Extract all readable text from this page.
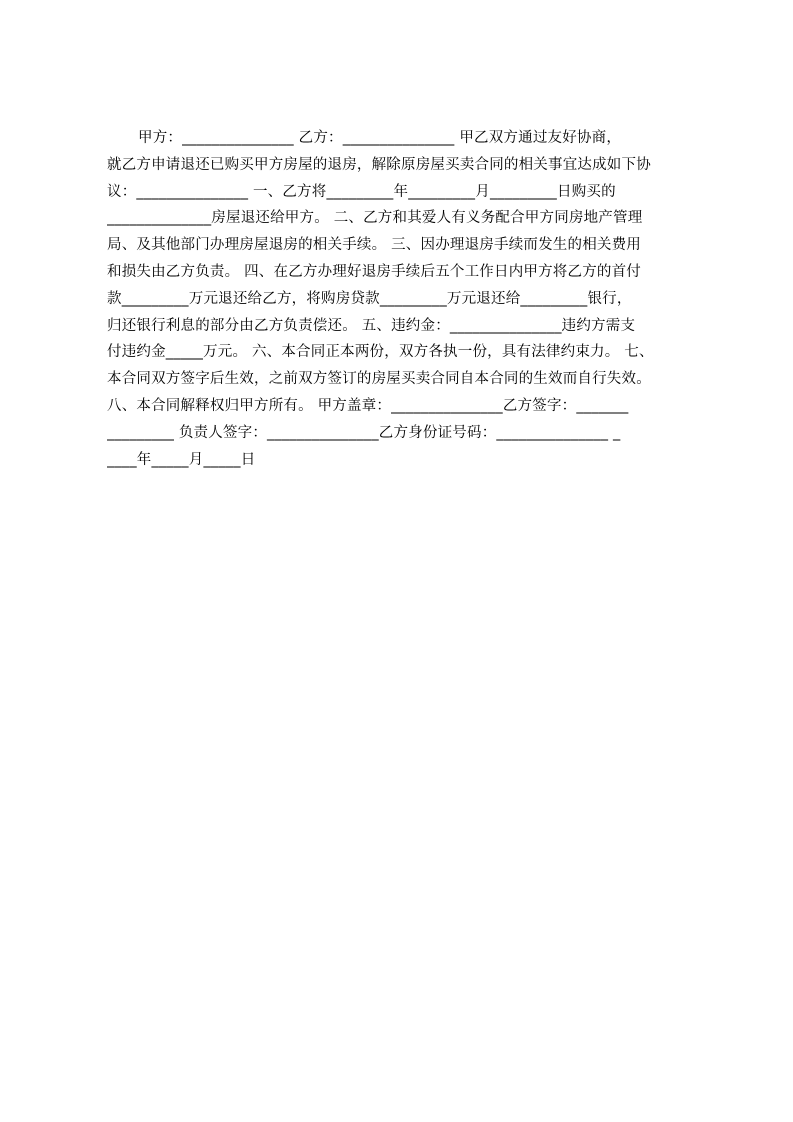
甲方：_______________ 乙方：_______________ 甲乙双方通过友好协商，
就乙方申请退还已购买甲方房屋的退房，解除原房屋买卖合同的相关事宜达成如下协
议：_______________ 一、乙方将_________年_________月_________日购买的
______________房屋退还给甲方。 二、乙方和其爱人有义务配合甲方同房地产管理
局、及其他部门办理房屋退房的相关手续。 三、因办理退房手续而发生的相关费用
和损失由乙方负责。 四、在乙方办理好退房手续后五个工作日内甲方将乙方的首付
款_________万元退还给乙方，将购房贷款_________万元退还给_________银行，
归还银行利息的部分由乙方负责偿还。 五、违约金：_______________违约方需支
付违约金_____万元。 六、本合同正本两份，双方各执一份，具有法律约束力。 七、
本合同双方签字后生效，之前双方签订的房屋买卖合同自本合同的生效而自行失效。
八、本合同解释权归甲方所有。 甲方盖章：_______________乙方签字：_______
_________ 负责人签字：_______________乙方身份证号码：_______________ _
____年_____月_____日
